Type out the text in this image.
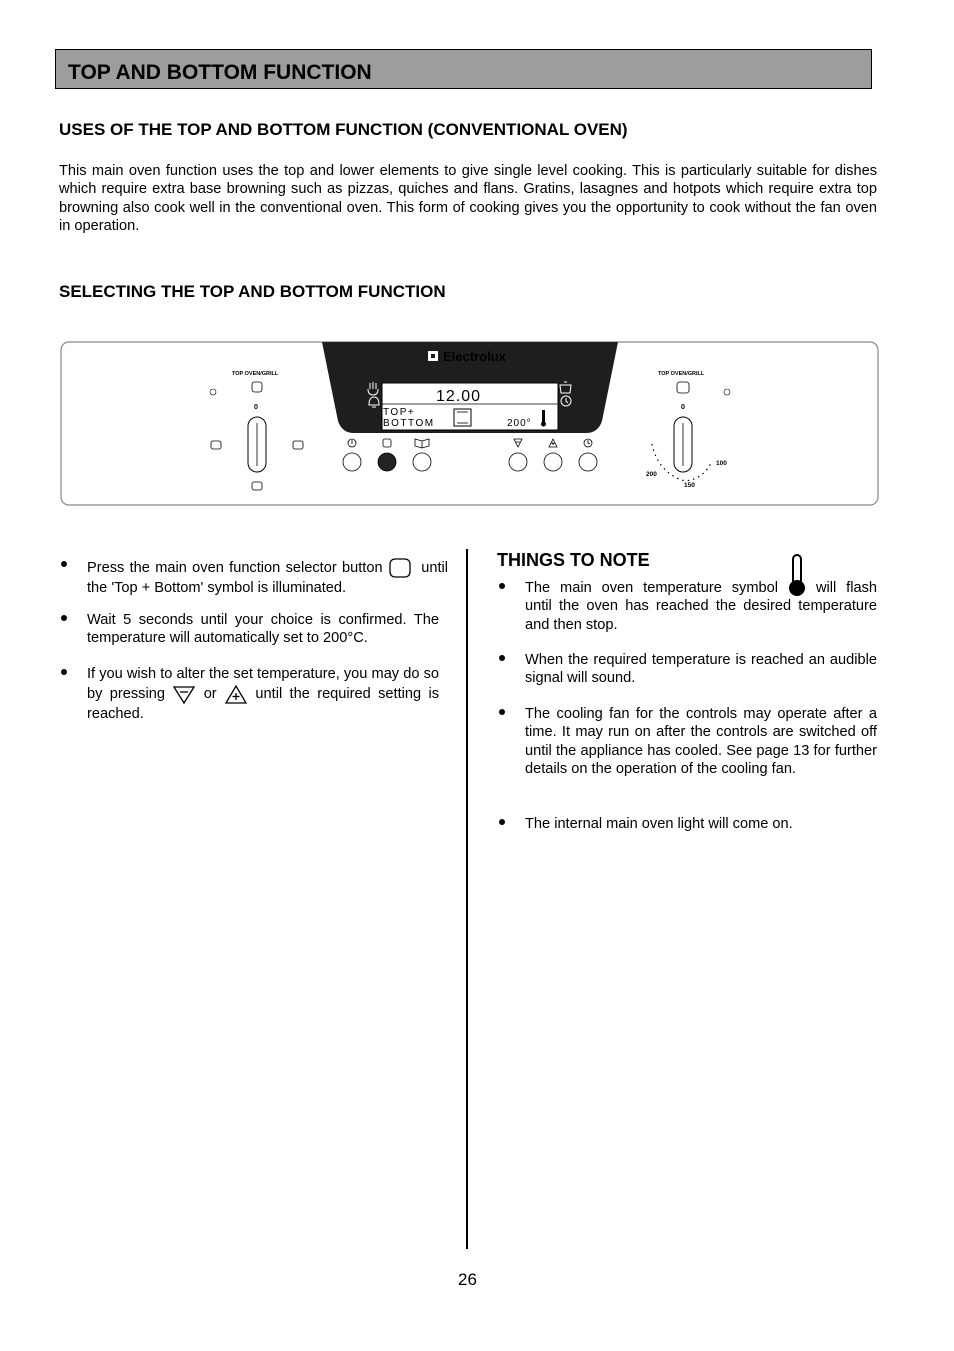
TOP AND BOTTOM FUNCTION
USES OF THE TOP AND BOTTOM FUNCTION (CONVENTIONAL OVEN)
This main oven function uses the top and lower elements to give single level cooking. This is particularly suitable for dishes which require extra base browning such as pizzas, quiches and flans. Gratins, lasagnes and hotpots which require extra top browning also cook well in the conventional oven. This form of cooking gives you the opportunity to cook without the fan oven in operation.
SELECTING THE TOP AND BOTTOM FUNCTION
Electrolux
12.00
TOP+
BOTTOM	200°
TOP OVEN/GRILL
0
TOP OVEN/GRILL
0
100
150
200
Press the main oven function selector button	until the 'Top + Bottom' symbol is illuminated.
Wait 5 seconds until your choice is confirmed. The temperature will automatically set to 200°C.
If you wish to alter the set temperature, you may do so by pressing	or	until the required setting is reached.
THINGS TO NOTE
The main oven temperature symbol	will flash until the oven has reached the desired temperature and then stop.
When the required temperature is reached an audible signal will sound.
The cooling fan for the controls may operate after a time. It may run on after the controls are switched off until the appliance has cooled. See page 13 for further details on the operation of the cooling fan.
The internal main oven light will come on.
26
